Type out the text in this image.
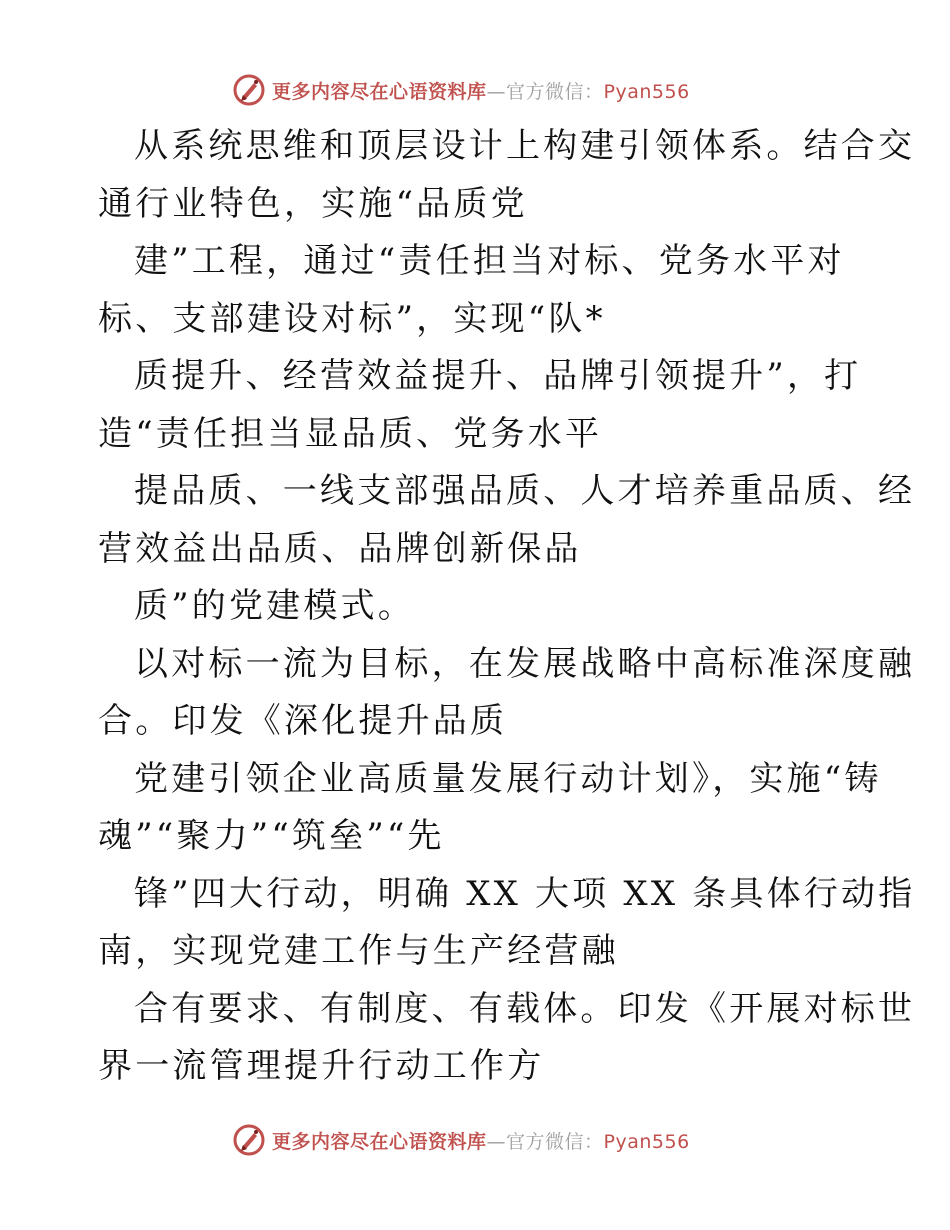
更多内容尽在心语资料库—官方微信：Pyan556
从系统思维和顶层设计上构建引领体系。结合交
通行业特色，实施“品质党
建”工程，通过“责任担当对标、党务水平对
标、支部建设对标”，实现“队*
质提升、经营效益提升、品牌引领提升”，打
造“责任担当显品质、党务水平
提品质、一线支部强品质、人才培养重品质、经
营效益出品质、品牌创新保品
质”的党建模式。
以对标一流为目标，在发展战略中高标准深度融
合。印发《深化提升品质
党建引领企业高质量发展行动计划》，实施“铸
魂”“聚力”“筑垒”“先
锋”四大行动，明确 XX 大项 XX 条具体行动指
南，实现党建工作与生产经营融
合有要求、有制度、有载体。印发《开展对标世
界一流管理提升行动工作方
更多内容尽在心语资料库—官方微信：Pyan556
